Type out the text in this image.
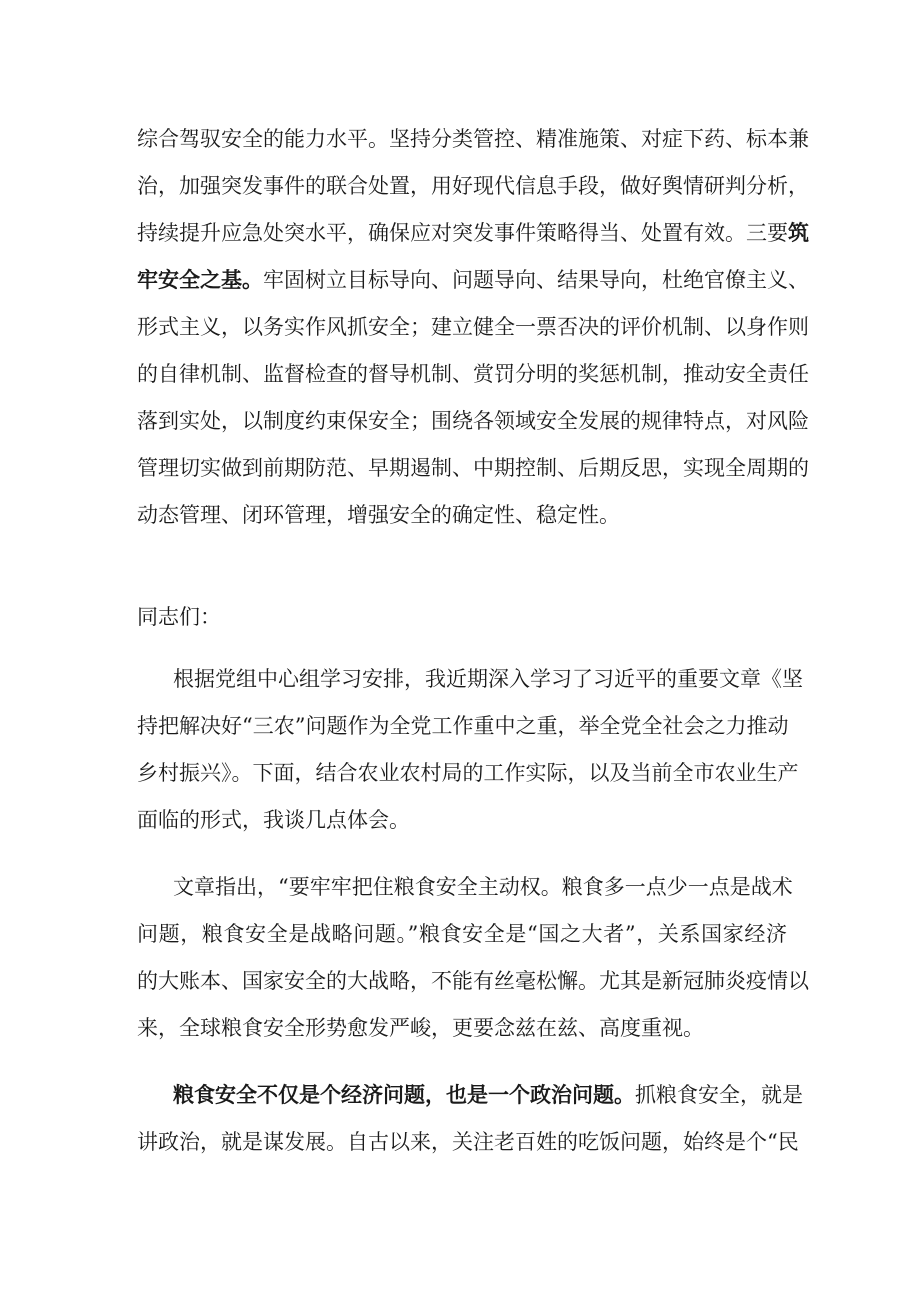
综合驾驭安全的能力水平。坚持分类管控、精准施策、对症下药、标本兼
治，加强突发事件的联合处置，用好现代信息手段，做好舆情研判分析，
持续提升应急处突水平，确保应对突发事件策略得当、处置有效。三要筑
牢安全之基。牢固树立目标导向、问题导向、结果导向，杜绝官僚主义、
形式主义，以务实作风抓安全；建立健全一票否决的评价机制、以身作则
的自律机制、监督检查的督导机制、赏罚分明的奖惩机制，推动安全责任
落到实处，以制度约束保安全；围绕各领域安全发展的规律特点，对风险
管理切实做到前期防范、早期遏制、中期控制、后期反思，实现全周期的
动态管理、闭环管理，增强安全的确定性、稳定性。
同志们：
根据党组中心组学习安排，我近期深入学习了习近平的重要文章《坚
持把解决好“三农”问题作为全党工作重中之重，举全党全社会之力推动
乡村振兴》。下面，结合农业农村局的工作实际，以及当前全市农业生产
面临的形式，我谈几点体会。
文章指出，“要牢牢把住粮食安全主动权。粮食多一点少一点是战术
问题，粮食安全是战略问题。”粮食安全是“国之大者”，关系国家经济
的大账本、国家安全的大战略，不能有丝毫松懈。尤其是新冠肺炎疫情以
来，全球粮食安全形势愈发严峻，更要念兹在兹、高度重视。
粮食安全不仅是个经济问题，也是一个政治问题。抓粮食安全，就是
讲政治，就是谋发展。自古以来，关注老百姓的吃饭问题，始终是个“民
